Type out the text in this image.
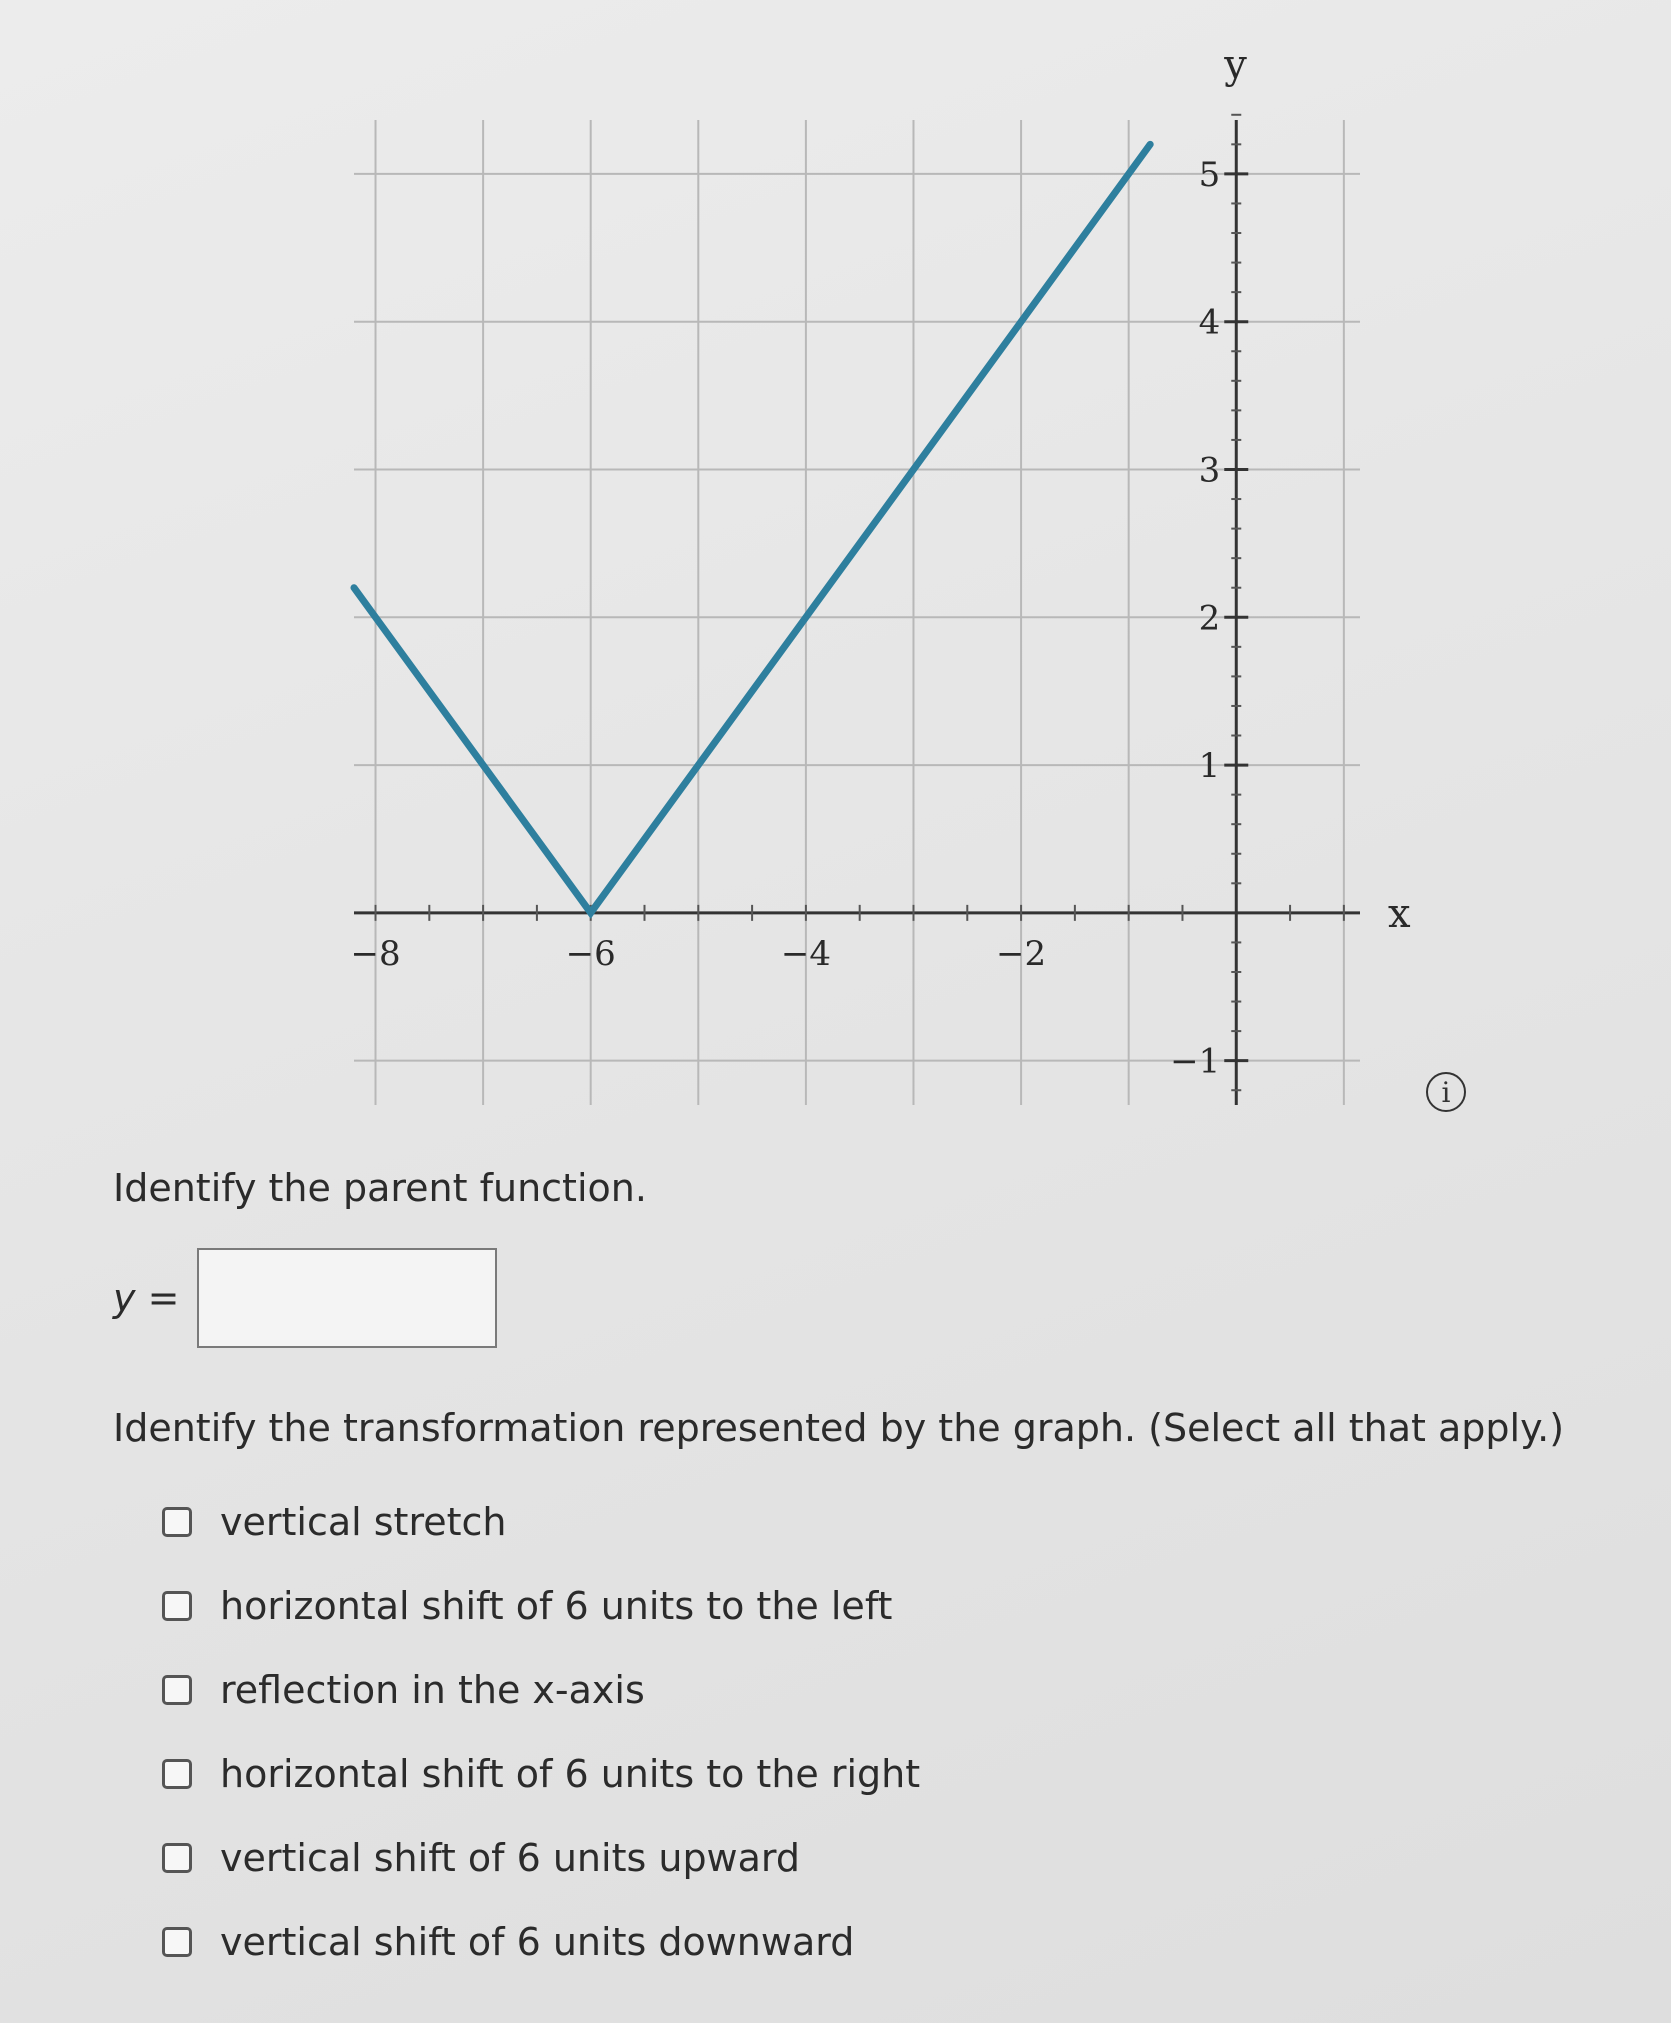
−8	−6	−4	−2
−1
1
2
3
4
5
x
y
i
Identify the parent function.
y =
Identify the transformation represented by the graph. (Select all that apply.)
vertical stretch
horizontal shift of 6 units to the left
reflection in the x-axis
horizontal shift of 6 units to the right
vertical shift of 6 units upward
vertical shift of 6 units downward
